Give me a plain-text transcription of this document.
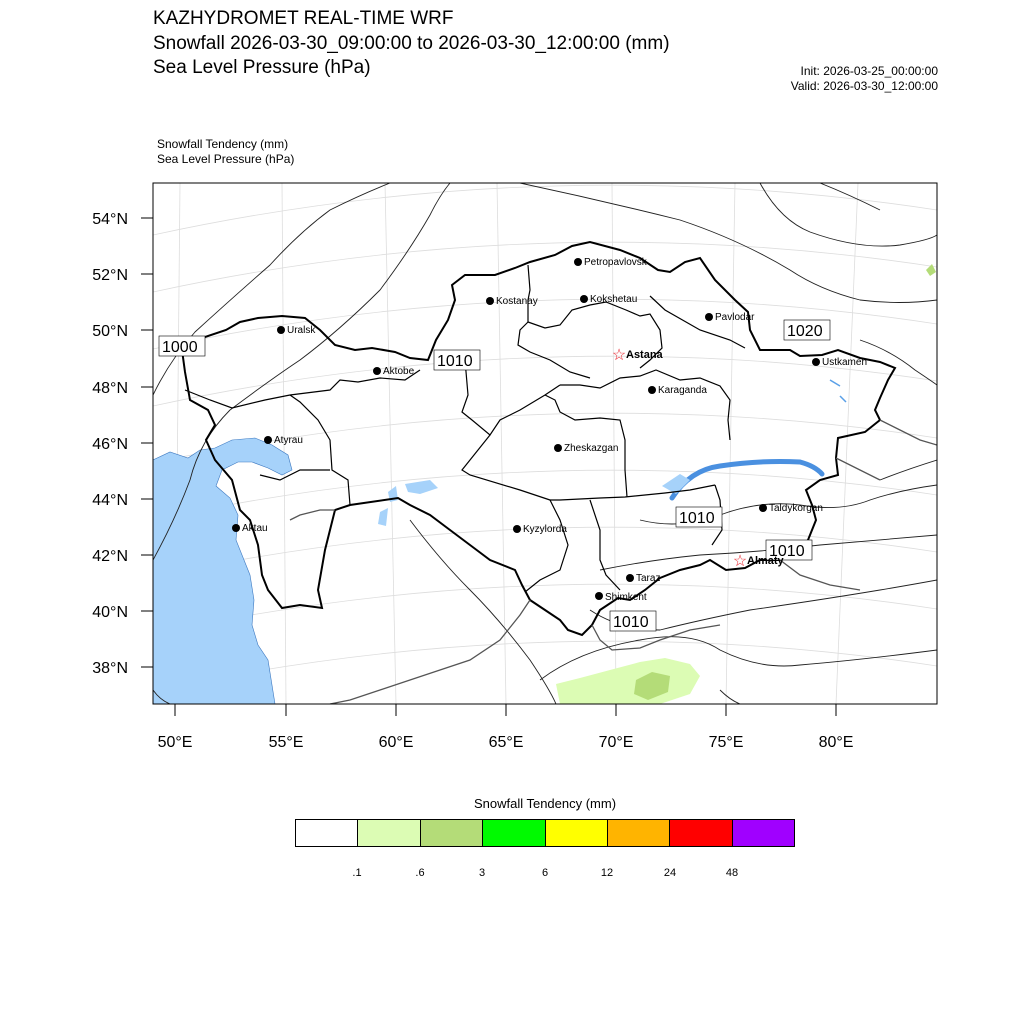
KAZHYDROMET REAL-TIME WRF
Snowfall 2026-03-30_09:00:00 to 2026-03-30_12:00:00 (mm)
Sea Level Pressure (hPa)	Init: 2026-03-25_00:00:00
Valid: 2026-03-30_12:00:00
Snowfall Tendency (mm)
Sea Level Pressure (hPa)
54°N
52°N
50°N
48°N
46°N
44°N
42°N
40°N
38°N
50°E	55°E	60°E	65°E	70°E	75°E	80°E
1000
1010
1020
1010
1010
1010
Petropavlovsk
Kostanay	Kokshetau
Pavlodar
Uralsk
☆ Astana
Ustkamen
Aktobe
Karaganda
Atyrau
Zheskazgan
Aktau	Kyzylorda
Taldykorgan
☆ Almaty
Taraz
Shimkent
Snowfall Tendency (mm)
.1	.6	3	6	12	24	48
